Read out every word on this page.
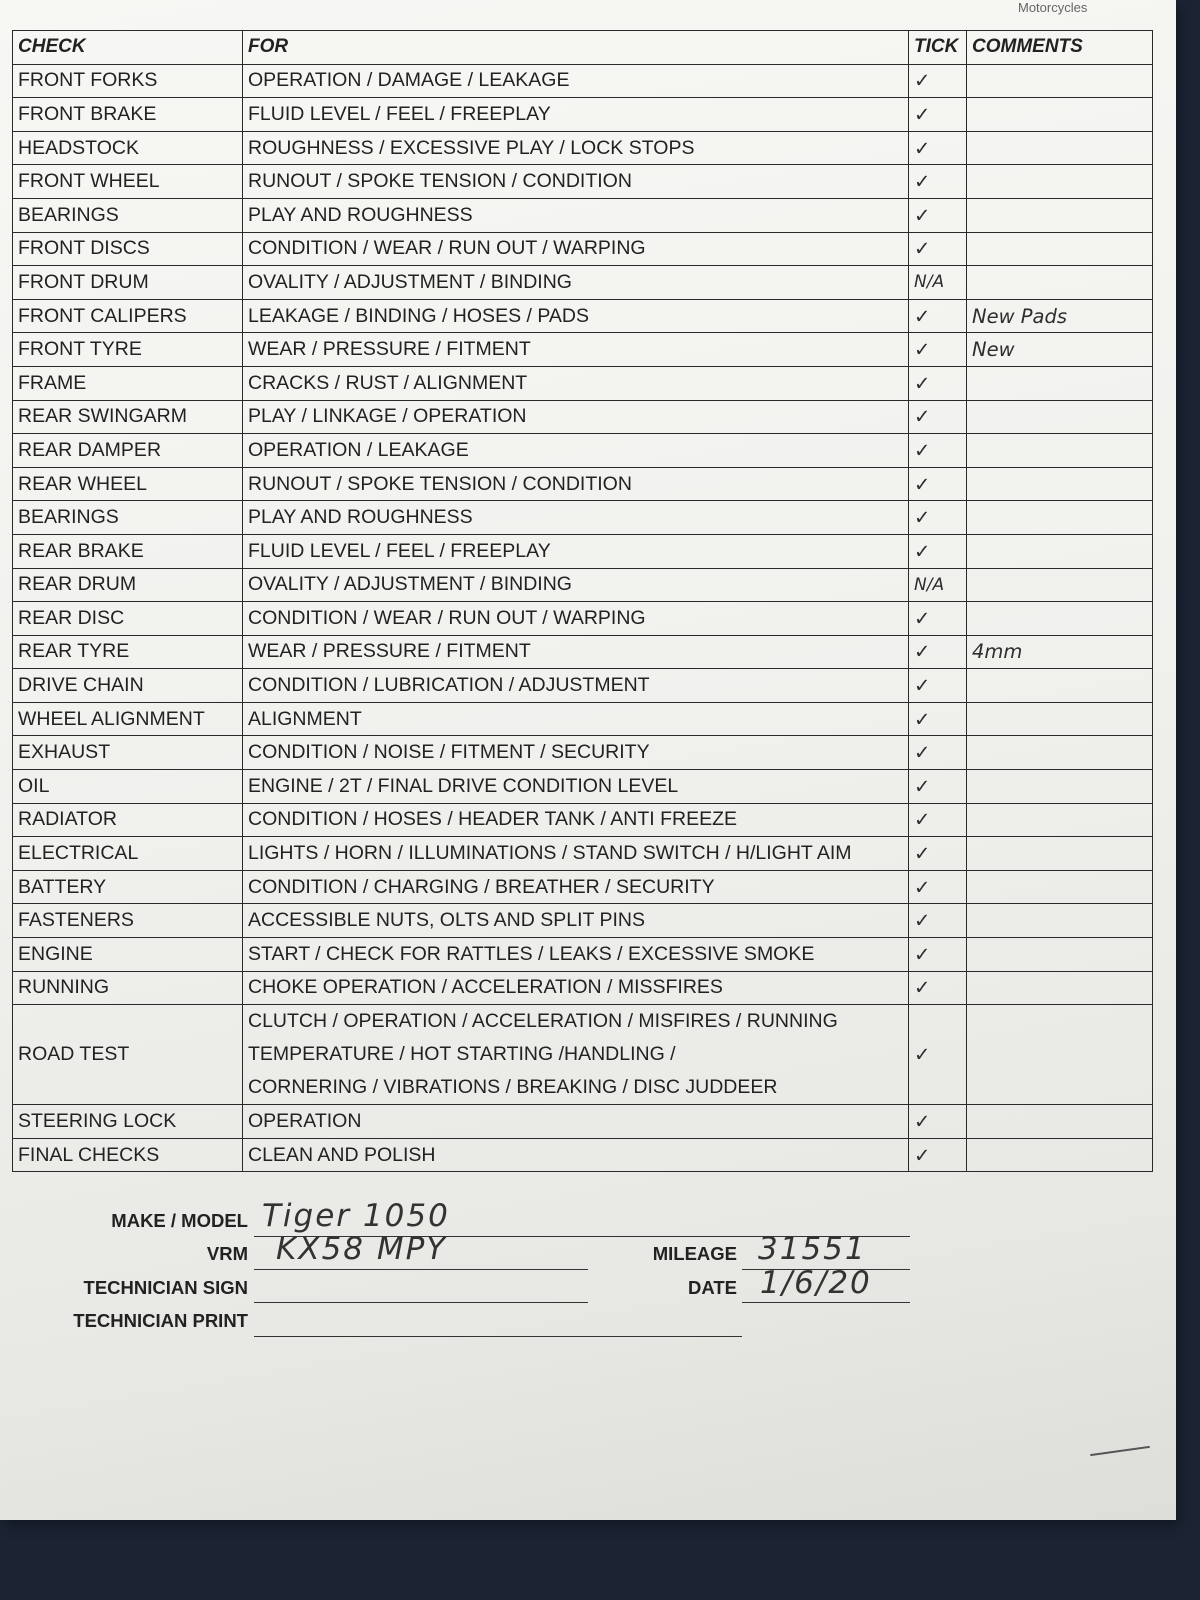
Motorcycles
CHECK	FOR	TICK	COMMENTS
FRONT FORKS	OPERATION / DAMAGE / LEAKAGE	✓	
FRONT BRAKE	FLUID LEVEL / FEEL / FREEPLAY	✓	
HEADSTOCK	ROUGHNESS / EXCESSIVE PLAY / LOCK STOPS	✓	
FRONT WHEEL	RUNOUT / SPOKE TENSION / CONDITION	✓	
BEARINGS	PLAY AND ROUGHNESS	✓	
FRONT DISCS	CONDITION / WEAR / RUN OUT / WARPING	✓	
FRONT DRUM	OVALITY / ADJUSTMENT / BINDING	N/A	
FRONT CALIPERS	LEAKAGE / BINDING / HOSES / PADS	✓	New Pads
FRONT TYRE	WEAR / PRESSURE / FITMENT	✓	New
FRAME	CRACKS / RUST / ALIGNMENT	✓	
REAR SWINGARM	PLAY / LINKAGE / OPERATION	✓	
REAR DAMPER	OPERATION / LEAKAGE	✓	
REAR WHEEL	RUNOUT / SPOKE TENSION / CONDITION	✓	
BEARINGS	PLAY AND ROUGHNESS	✓	
REAR BRAKE	FLUID LEVEL / FEEL / FREEPLAY	✓	
REAR DRUM	OVALITY / ADJUSTMENT / BINDING	N/A	
REAR DISC	CONDITION / WEAR / RUN OUT / WARPING	✓	
REAR TYRE	WEAR / PRESSURE / FITMENT	✓	4mm
DRIVE CHAIN	CONDITION / LUBRICATION / ADJUSTMENT	✓	
WHEEL ALIGNMENT	ALIGNMENT	✓	
EXHAUST	CONDITION / NOISE / FITMENT / SECURITY	✓	
OIL	ENGINE / 2T / FINAL DRIVE CONDITION LEVEL	✓	
RADIATOR	CONDITION / HOSES / HEADER TANK / ANTI FREEZE	✓	
ELECTRICAL	LIGHTS / HORN / ILLUMINATIONS / STAND SWITCH / H/LIGHT AIM	✓	
BATTERY	CONDITION / CHARGING / BREATHER / SECURITY	✓	
FASTENERS	ACCESSIBLE NUTS, OLTS AND SPLIT PINS	✓	
ENGINE	START / CHECK FOR RATTLES / LEAKS / EXCESSIVE SMOKE	✓	
RUNNING	CHOKE OPERATION / ACCELERATION / MISSFIRES	✓	
ROAD TEST	CLUTCH / OPERATION / ACCELERATION / MISFIRES / RUNNING
TEMPERATURE / HOT STARTING /HANDLING /
CORNERING / VIBRATIONS / BREAKING / DISC JUDDEER	✓	
STEERING LOCK	OPERATION	✓	
FINAL CHECKS	CLEAN AND POLISH	✓	
MAKE / MODEL Tiger 1050
VRM KX58 MPY	MILEAGE 31551
TECHNICIAN SIGN	DATE 1/6/20
TECHNICIAN PRINT
